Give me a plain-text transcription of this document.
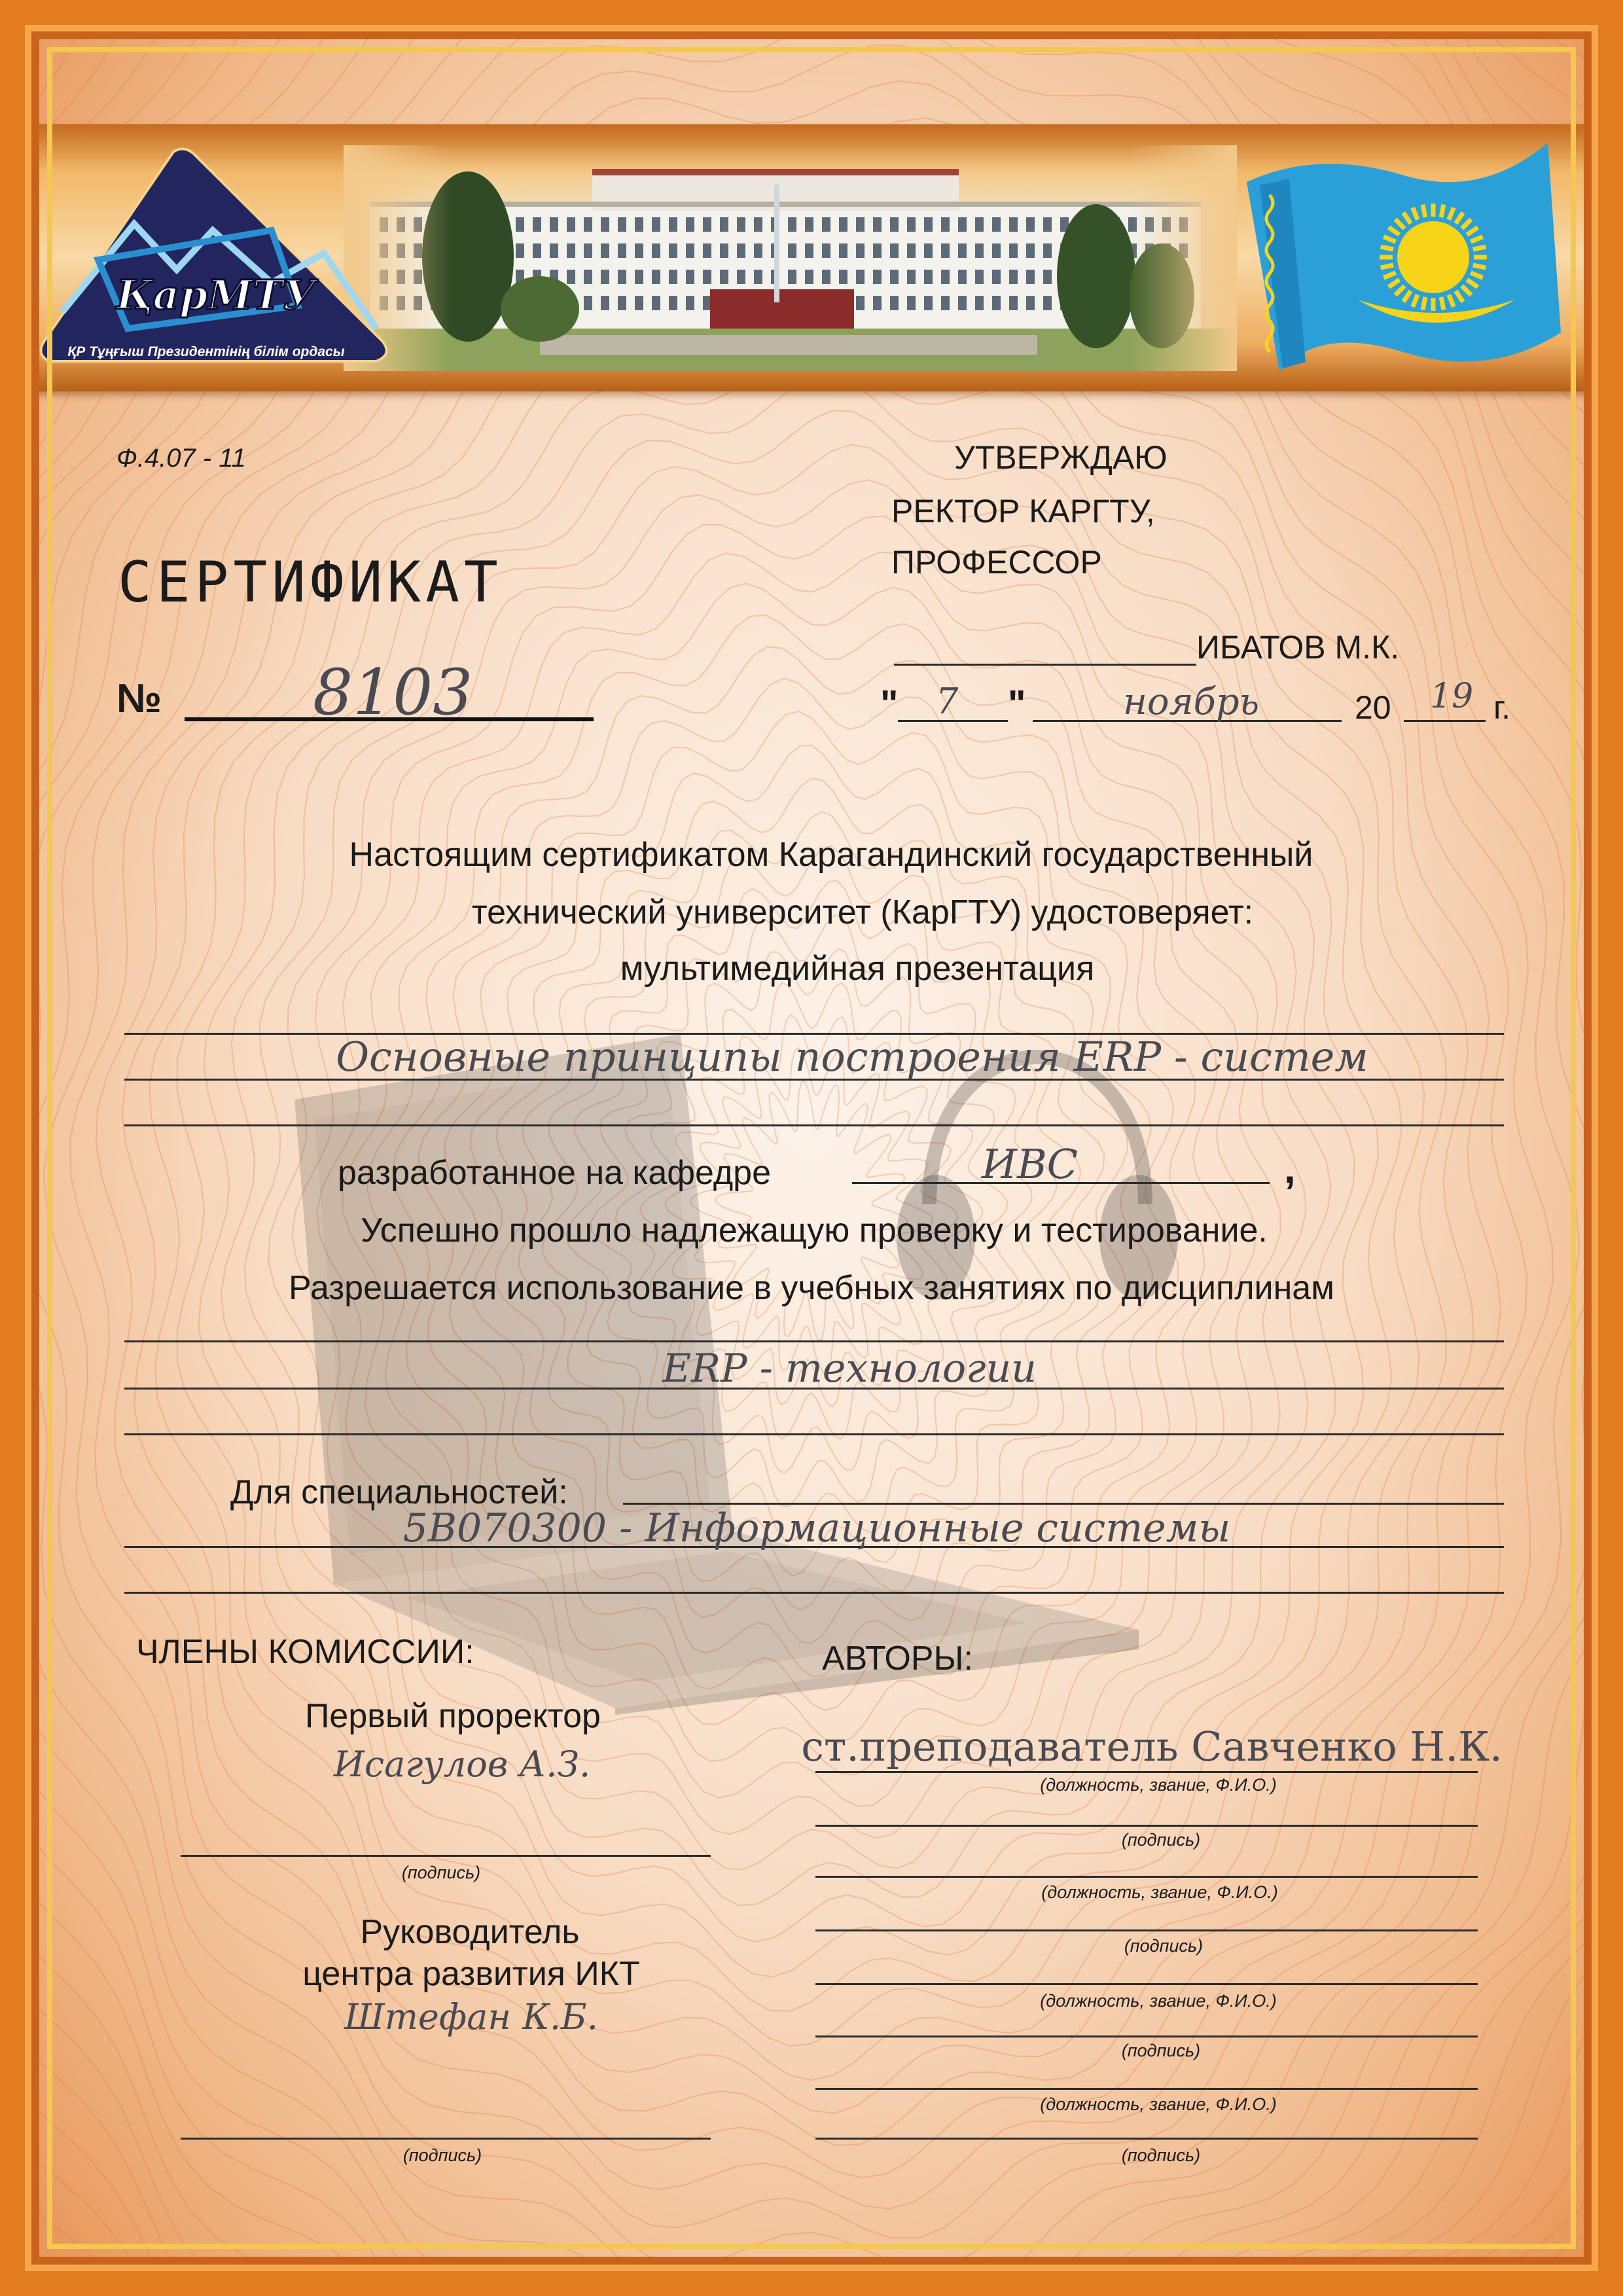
ҚарМТУ
ҚР Тұңғыш Президентінің білім ордасы
Ф.4.07 - 11	УТВЕРЖДАЮ
РЕКТОР КАРГТУ,
ПРОФЕССОР
ИБАТОВ М.К.
" 7 "	ноябрь	20 19 г.
СЕРТИФИКАТ
№ 8103
Настоящим сертификатом Карагандинский государственный
технический университет (КарГТУ) удостоверяет:
мультимедийная презентация
Основные принципы построения ERP - систем
разработанное на кафедре	ИВС	,
Успешно прошло надлежащую проверку и тестирование.
Разрешается использование в учебных занятиях по дисциплинам
ERP - технологии
Для специальностей:
5В070300 - Информационные системы
ЧЛЕНЫ КОМИССИИ:
Первый проректор
Исагулов А.З.
(подпись)
Руководитель
центра развития ИКТ
Штефан К.Б.
(подпись)
АВТОРЫ:
ст.преподаватель Савченко Н.К.
(должность, звание, Ф.И.О.)
(подпись)
(должность, звание, Ф.И.О.)
(подпись)
(должность, звание, Ф.И.О.)
(подпись)
(должность, звание, Ф.И.О.)
(подпись)
